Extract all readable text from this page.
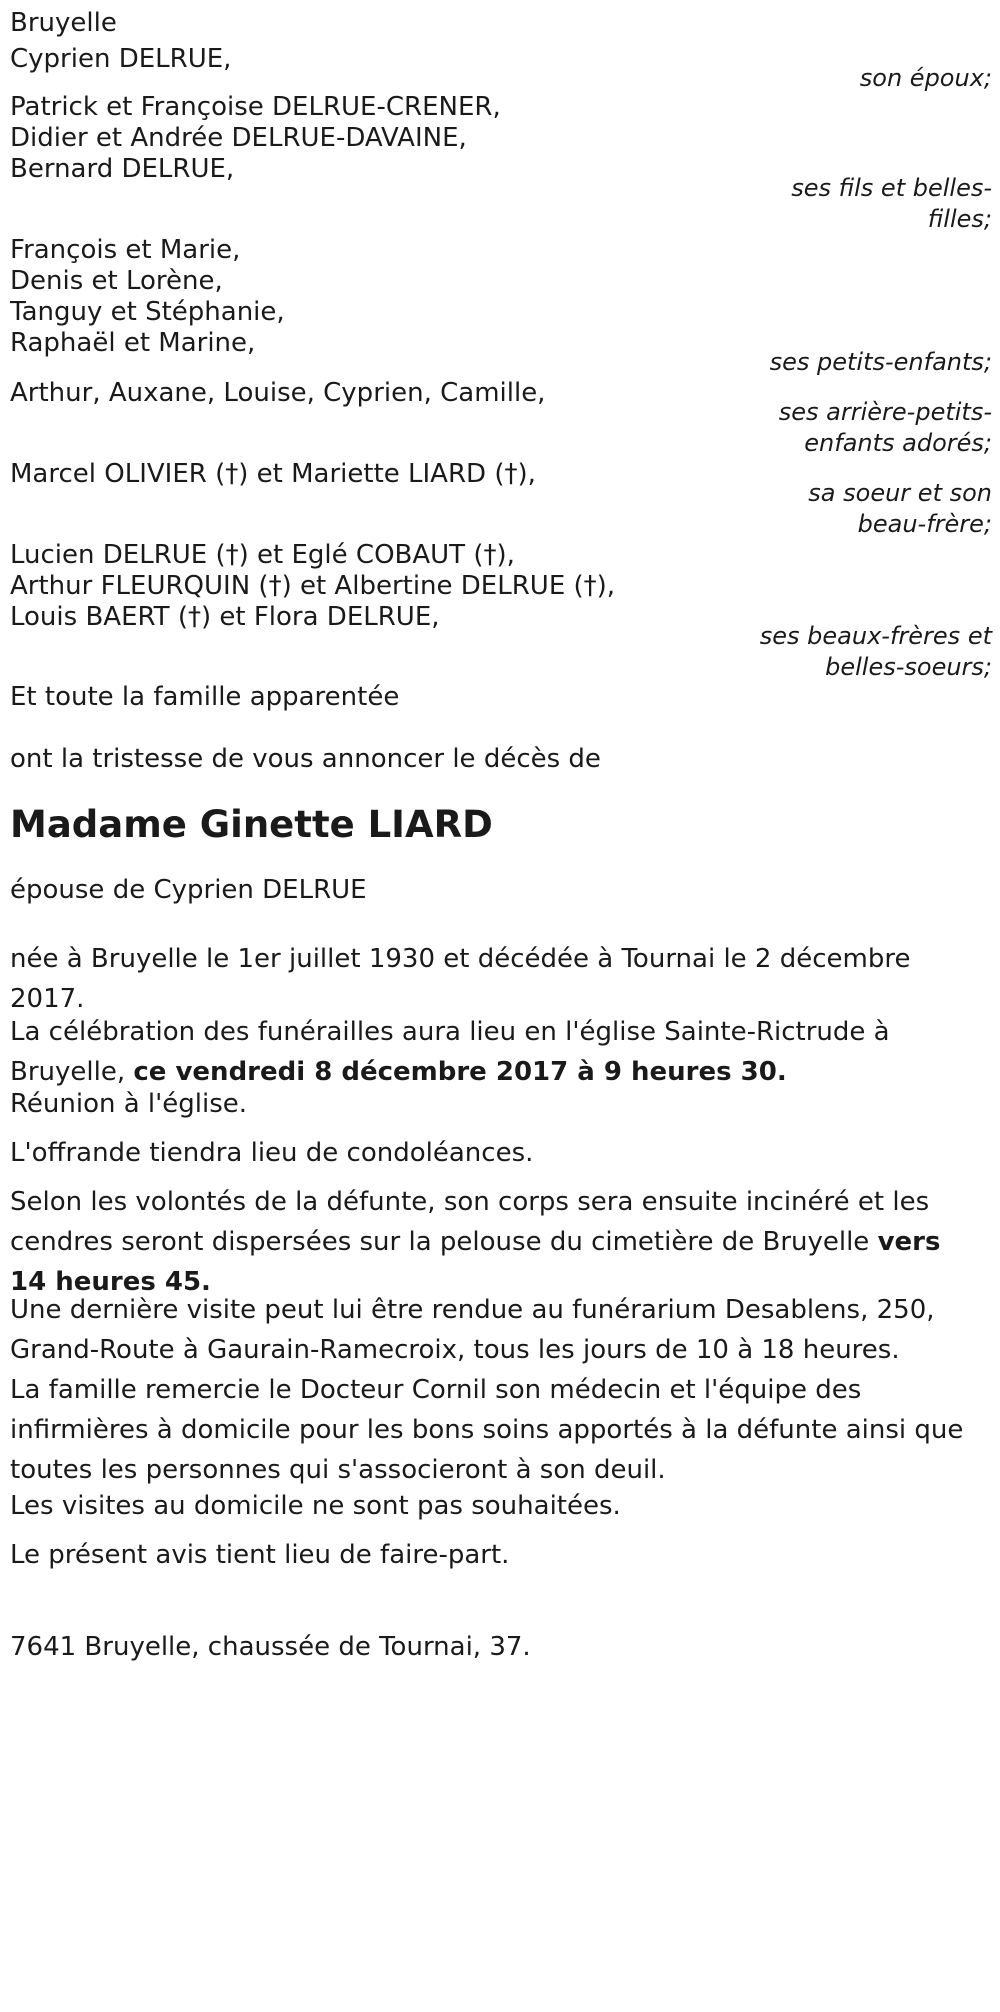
Bruyelle
Cyprien DELRUE,
son époux;
Patrick et Françoise DELRUE-CRENER,
Didier et Andrée DELRUE-DAVAINE,
Bernard DELRUE,
ses fils et belles-
filles;
François et Marie,
Denis et Lorène,
Tanguy et Stéphanie,
Raphaël et Marine,
ses petits-enfants;
Arthur, Auxane, Louise, Cyprien, Camille,
ses arrière-petits-
enfants adorés;
Marcel OLIVIER (†) et Mariette LIARD (†),
sa soeur et son
beau-frère;
Lucien DELRUE (†) et Eglé COBAUT (†),
Arthur FLEURQUIN (†) et Albertine DELRUE (†),
Louis BAERT (†) et Flora DELRUE,
ses beaux-frères et
belles-soeurs;
Et toute la famille apparentée
ont la tristesse de vous annoncer le décès de
Madame Ginette LIARD
épouse de Cyprien DELRUE
née à Bruyelle le 1er juillet 1930 et décédée à Tournai le 2 décembre 2017.
La célébration des funérailles aura lieu en l'église Sainte-Rictrude à Bruyelle, ce vendredi 8 décembre 2017 à 9 heures 30.
Réunion à l'église.
L'offrande tiendra lieu de condoléances.
Selon les volontés de la défunte, son corps sera ensuite incinéré et les cendres seront dispersées sur la pelouse du cimetière de Bruyelle vers 14 heures 45.
Une dernière visite peut lui être rendue au funérarium Desablens, 250, Grand-Route à Gaurain-Ramecroix, tous les jours de 10 à 18 heures.
La famille remercie le Docteur Cornil son médecin et l'équipe des infirmières à domicile pour les bons soins apportés à la défunte ainsi que toutes les personnes qui s'associeront à son deuil.
Les visites au domicile ne sont pas souhaitées.
Le présent avis tient lieu de faire-part.
7641 Bruyelle, chaussée de Tournai, 37.
